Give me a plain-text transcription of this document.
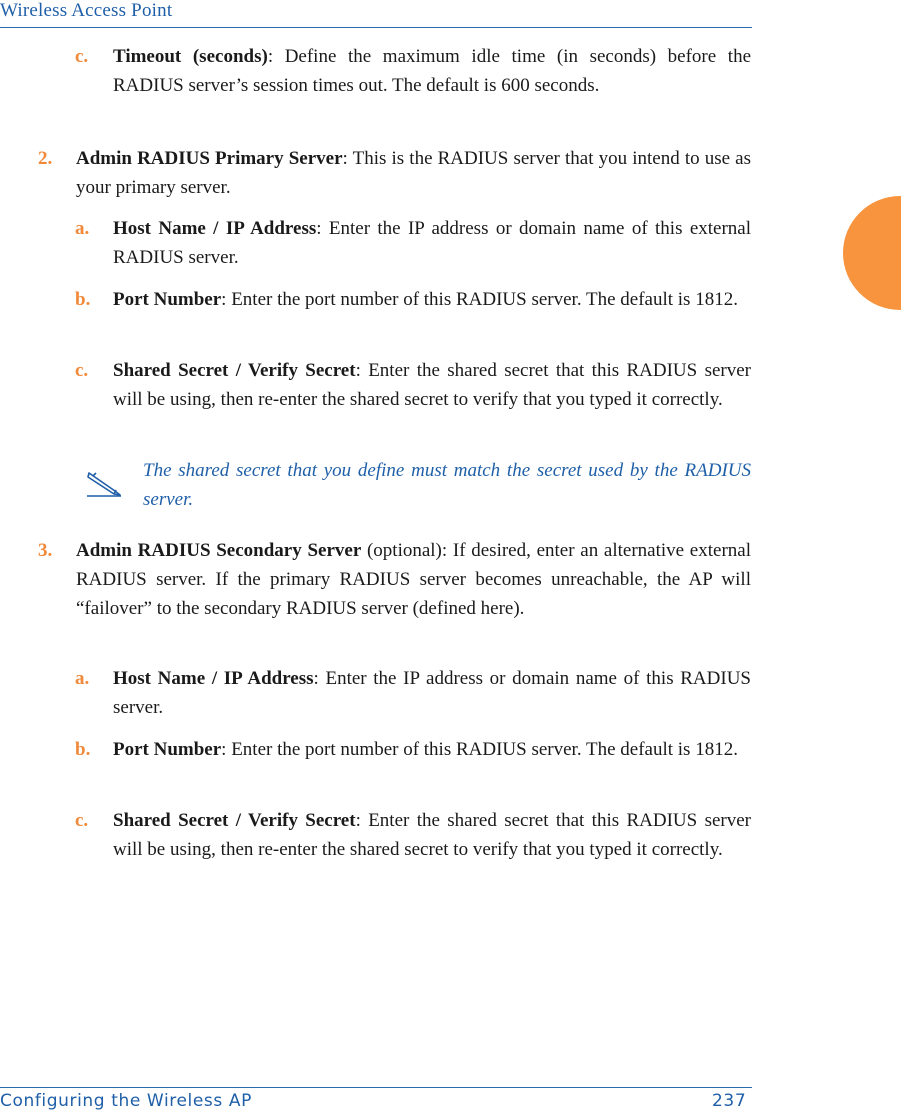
Wireless Access Point
c. Timeout (seconds): Define the maximum idle time (in seconds) before the RADIUS server’s session times out. The default is 600 seconds.

2. Admin RADIUS Primary Server: This is the RADIUS server that you intend to use as your primary server.

a. Host Name / IP Address: Enter the IP address or domain name of this external RADIUS server.

b. Port Number: Enter the port number of this RADIUS server. The default is 1812.

c. Shared Secret / Verify Secret: Enter the shared secret that this RADIUS server will be using, then re-enter the shared secret to verify that you typed it correctly.

The shared secret that you define must match the secret used by the RADIUS server.

3. Admin RADIUS Secondary Server (optional): If desired, enter an alternative external RADIUS server. If the primary RADIUS server becomes unreachable, the AP will “failover” to the secondary RADIUS server (defined here).

a. Host Name / IP Address: Enter the IP address or domain name of this RADIUS server.

b. Port Number: Enter the port number of this RADIUS server. The default is 1812.

c. Shared Secret / Verify Secret: Enter the shared secret that this RADIUS server will be using, then re-enter the shared secret to verify that you typed it correctly.

Configuring the Wireless AP	237
